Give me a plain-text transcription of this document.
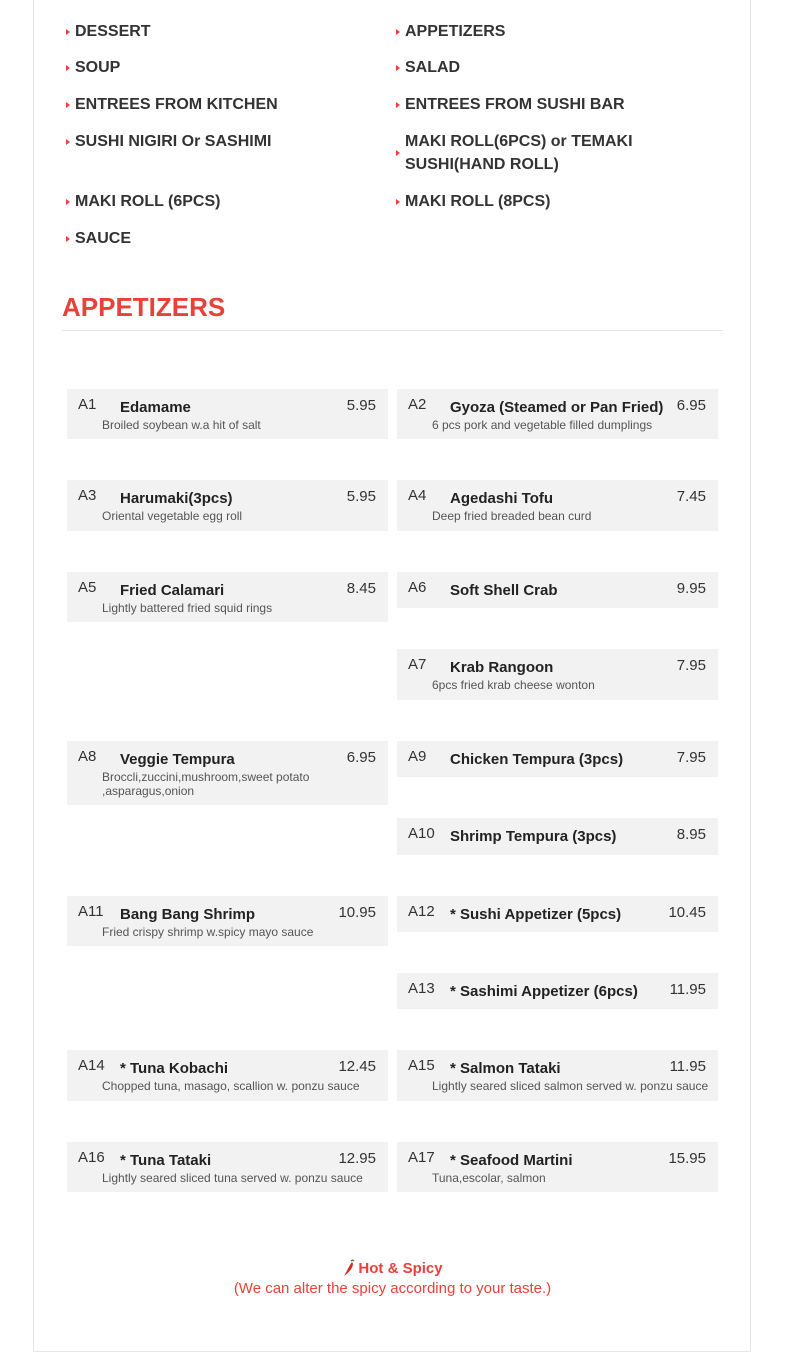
DESSERT	APPETIZERS
SOUP	SALAD
ENTREES FROM KITCHEN	ENTREES FROM SUSHI BAR
SUSHI NIGIRI Or SASHIMI	MAKI ROLL(6PCS) or TEMAKI SUSHI(HAND ROLL)
MAKI ROLL (6PCS)	MAKI ROLL (8PCS)
SAUCE
APPETIZERS
A1 Edamame	5.95
Broiled soybean w.a hit of salt
A2 Gyoza (Steamed or Pan Fried) 6.95
6 pcs pork and vegetable filled dumplings
A3 Harumaki(3pcs)	5.95
Oriental vegetable egg roll
A4 Agedashi Tofu	7.45
Deep fried breaded bean curd
A5 Fried Calamari	8.45
Lightly battered fried squid rings
A6 Soft Shell Crab	9.95
A7 Krab Rangoon	7.95
6pcs fried krab cheese wonton
A8 Veggie Tempura	6.95
Broccli,zuccini,mushroom,sweet potato ,asparagus,onion
A9 Chicken Tempura (3pcs)	7.95
A10 Shrimp Tempura (3pcs)	8.95
A11 Bang Bang Shrimp	10.95
Fried crispy shrimp w.spicy mayo sauce
A12 * Sushi Appetizer (5pcs)	10.45
A13 * Sashimi Appetizer (6pcs) 11.95
A14 * Tuna Kobachi	12.45
Chopped tuna, masago, scallion w. ponzu sauce
A15 * Salmon Tataki	11.95
Lightly seared sliced salmon served w. ponzu sauce
A16 * Tuna Tataki	12.95
Lightly seared sliced tuna served w. ponzu sauce
A17 * Seafood Martini	15.95
Tuna,escolar, salmon
Hot & Spicy
(We can alter the spicy according to your taste.)
